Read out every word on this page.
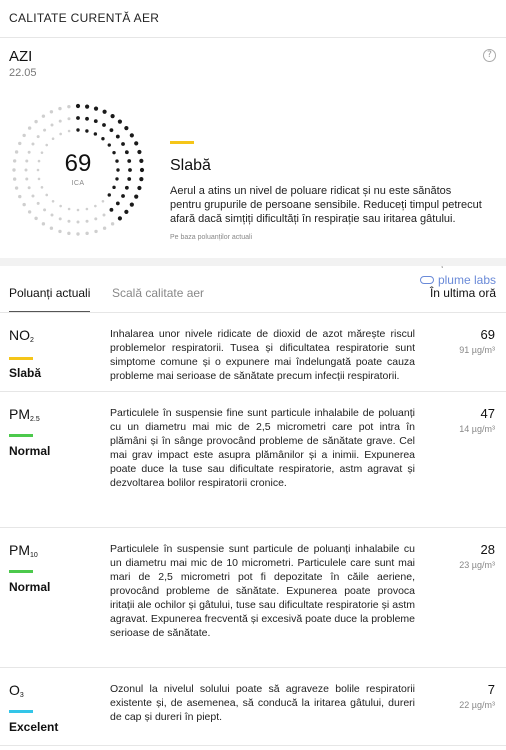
CALITATE CURENTĂ AER
AZI
22.05
?
69
ICA
Slabă
Aerul a atins un nivel de poluare ridicat și nu este sănătos pentru grupurile de persoane sensibile. Reduceți timpul petrecut afară dacă simțiți dificultăți în respirație sau iritarea gâtului.
Pe baza poluanților actuali
plume labs
Poluanți actuali Scală calitate aer	În ultima oră
$NO_2$
Slabă
Inhalarea unor nivele ridicate de dioxid de azot mărește riscul problemelor respiratorii. Tusea și dificultatea respiratorie sunt simptome comune și o expunere mai îndelungată poate cauza probleme mai serioase de sănătate precum infecții respiratorii.
69
91 µg/m³
$PM_{2.5}$
Normal
Particulele în suspensie fine sunt particule inhalabile de poluanți cu un diametru mai mic de 2,5 micrometri care pot intra în plămâni și în sânge provocând probleme de sănătate grave. Cel mai grav impact este asupra plămânilor și a inimii. Expunerea poate duce la tuse sau dificultate respiratorie, astm agravat și dezvoltarea bolilor respiratorii cronice.
47
14 µg/m³
$PM_{10}$
Normal
Particulele în suspensie sunt particule de poluanți inhalabile cu un diametru mai mic de 10 micrometri. Particulele care sunt mai mari de 2,5 micrometri pot fi depozitate în căile aeriene, provocând probleme de sănătate. Expunerea poate provoca iritații ale ochilor și gâtului, tuse sau dificultate respiratorie și astm agravat. Expunerea frecventă și excesivă poate duce la probleme serioase de sănătate.
28
23 µg/m³
$O_3$
Excelent
Ozonul la nivelul solului poate să agraveze bolile respiratorii existente și, de asemenea, să conducă la iritarea gâtului, dureri de cap și dureri în piept.
7
22 µg/m³
